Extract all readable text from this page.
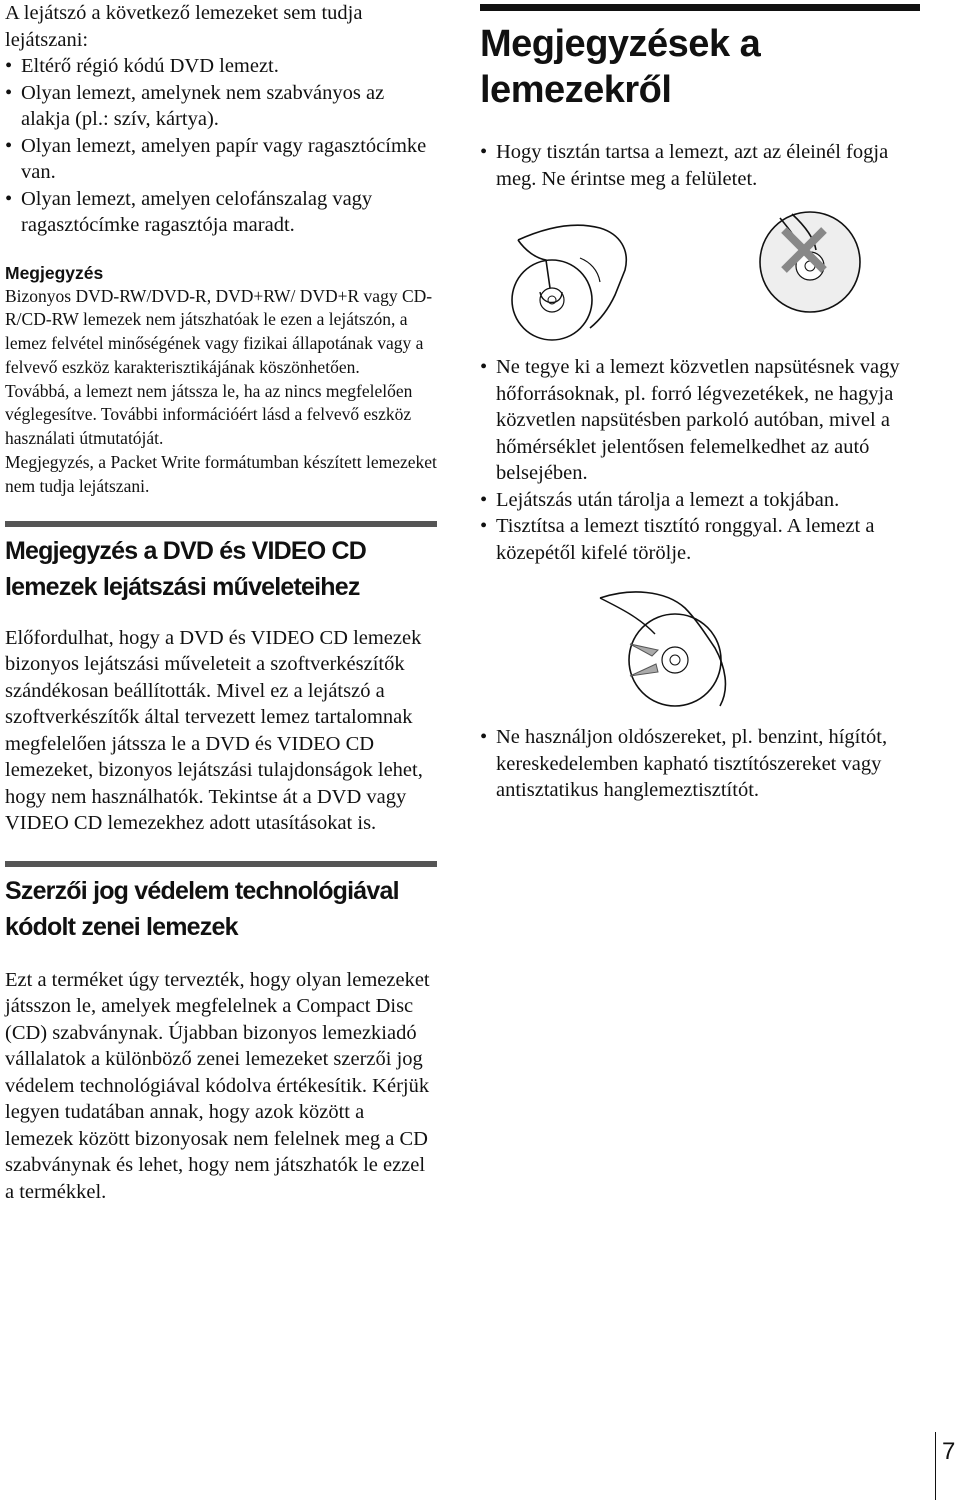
A lejátszó a következő lemezeket sem tudja lejátszani:

• Eltérő régió kódú DVD lemezt.
• Olyan lemezt, amelynek nem szabványos az alakja (pl.: szív, kártya).
• Olyan lemezt, amelyen papír vagy ragasztócímke van.
• Olyan lemezt, amelyen celofánszalag vagy ragasztócímke ragasztója maradt.

Megjegyzés

Bizonyos DVD-RW/DVD-R, DVD+RW/ DVD+R vagy CD-R/CD-RW lemezek nem játszhatóak le ezen a lejátszón, a lemez felvétel minőségének vagy fizikai állapotának vagy a felvevő eszköz karakterisztikájának köszönhetően.

Továbbá, a lemezt nem játssza le, ha az nincs megfelelően véglegesítve. További információért lásd a felvevő eszköz használati útmutatóját.

Megjegyzés, a Packet Write formátumban készített lemezeket nem tudja lejátszani.

Megjegyzés a DVD és VIDEO CD lemezek lejátszási műveleteihez

Előfordulhat, hogy a DVD és VIDEO CD lemezek bizonyos lejátszási műveleteit a szoftverkészítők szándékosan beállították. Mivel ez a lejátszó a szoftverkészítők által tervezett lemez tartalomnak megfelelően játssza le a DVD és VIDEO CD lemezeket, bizonyos lejátszási tulajdonságok lehet, hogy nem használhatók. Tekintse át a DVD vagy VIDEO CD lemezekhez adott utasításokat is.

Szerzői jog védelem technológiával kódolt zenei lemezek

Ezt a terméket úgy tervezték, hogy olyan lemezeket játsszon le, amelyek megfelelnek a Compact Disc (CD) szabványnak. Újabban bizonyos lemezkiadó vállalatok a különböző zenei lemezeket szerzői jog védelem technológiával kódolva értékesítik. Kérjük legyen tudatában annak, hogy azok között a lemezek között bizonyosak nem felelnek meg a CD szabványnak és lehet, hogy nem játszhatók le ezzel a termékkel.

Megjegyzések a lemezekről
• Hogy tisztán tartsa a lemezt, azt az éleinél fogja meg. Ne érintse meg a felületet.
• Ne tegye ki a lemezt közvetlen napsütésnek vagy hőforrásoknak, pl. forró légvezetékek, ne hagyja közvetlen napsütésben parkoló autóban, mivel a hőmérséklet jelentősen felemelkedhet az autó belsejében.
• Lejátszás után tárolja a lemezt a tokjában.
• Tisztítsa a lemezt tisztító ronggyal. A lemezt a közepétől kifelé törölje.
• Ne használjon oldószereket, pl. benzint, hígítót, kereskedelemben kapható tisztítószereket vagy antisztatikus hanglemeztisztítót.
7
